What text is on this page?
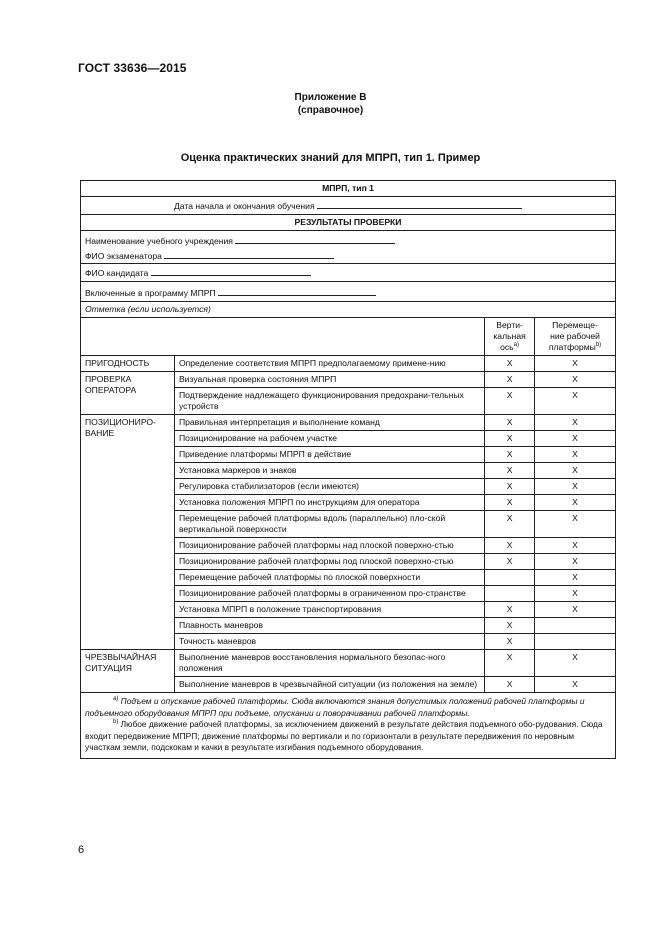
ГОСТ 33636—2015
Приложение В
(справочное)
Оценка практических знаний для МПРП, тип 1. Пример
МПРП, тип 1			
Дата начала и окончания обучения			
РЕЗУЛЬТАТЫ ПРОВЕРКИ			

Наименование учебного учреждения
ФИО экзаменатора			

ФИО кандидата			
Включенные в программу МПРП			
Отметка (если используется)			
		Верти-
кальная
ось$^{а)}$	Перемеще-
ние рабочей
платформы$^{b)}$
ПРИГОДНОСТЬ	Определение соответствия МПРП предполагаемому примене-нию	X	X
ПРОВЕРКА ОПЕРАТОРА	Визуальная проверка состояния МПРП	X	X
	Подтверждение надлежащего функционирования предохрани-тельных устройств	X	X
ПОЗИЦИОНИРО-ВАНИЕ	Правильная интерпретация и выполнение команд	X	X
	Позиционирование на рабочем участке	X	X
	Приведение платформы МПРП в действие	X	X
	Установка маркеров и знаков	X	X
	Регулировка стабилизаторов (если имеются)	X	X
	Установка положения МПРП по инструкциям для оператора	X	X
	Перемещение рабочей платформы вдоль (параллельно) пло-ской вертикальной поверхности	X	X
	Позиционирование рабочей платформы над плоской поверхно-стью	X	X
	Позиционирование рабочей платформы под плоской поверхно-стью	X	X
	Перемещение рабочей платформы по плоской поверхности		X
	Позиционирование рабочей платформы в ограниченном про-странстве		X
	Установка МПРП в положение транспортирования	X	X
	Плавность маневров	X	
	Точность маневров	X	
ЧРЕЗВЫЧАЙНАЯ СИТУАЦИЯ	Выполнение маневров восстановления нормального безопас-ного положения	X	X
	Выполнение маневров в чрезвычайной ситуации (из положения на земле)	X	X

$^{а)}$ Подъем и опускание рабочей платформы. Сюда включаются знания допустимых положений рабочей платформы и подъемного оборудования МПРП при подъеме, опускании и поворачивании рабочей платформы.
$^{b)}$ Любое движение рабочей платформы, за исключением движений в результате действия подъемного обо-рудования. Сюда входит передвижение МПРП; движение платформы по вертикали и по горизонтали в результате передвижения по неровным участкам земли, подскокам и качки в результате изгибания подъемного оборудования.			
6
